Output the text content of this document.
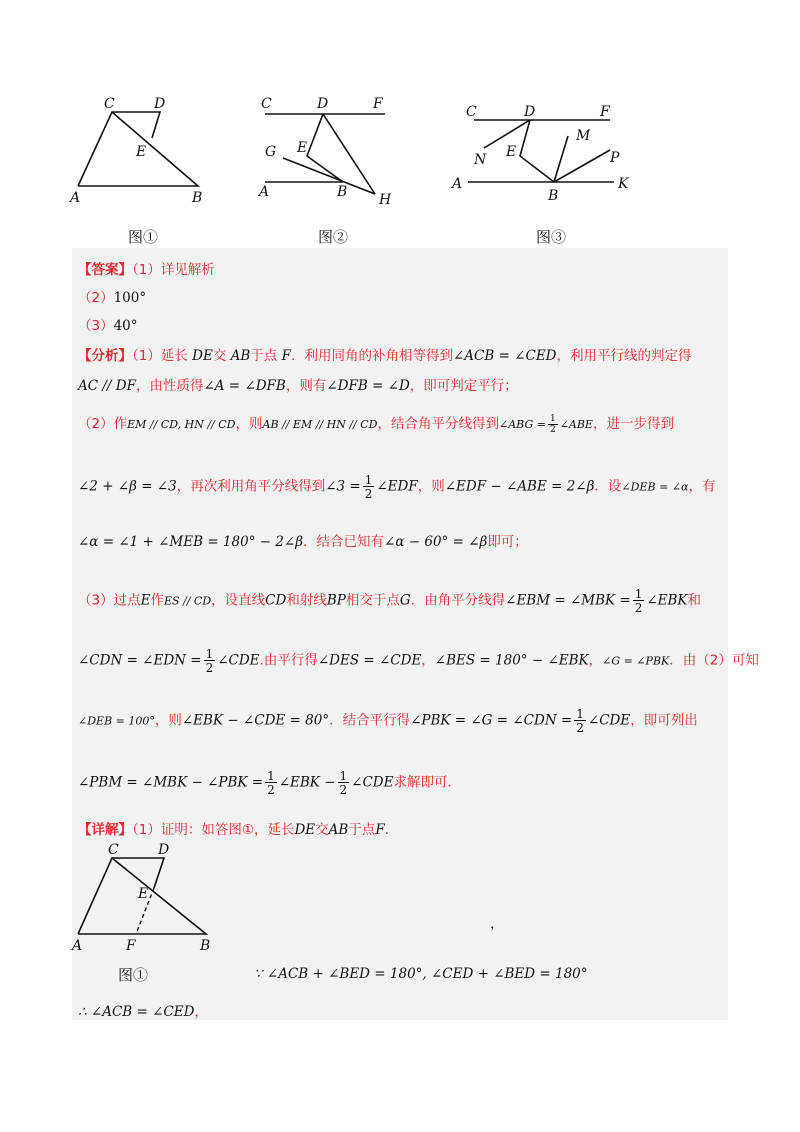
C	D
E
A	B
图①
C	D	F
G E
A	B H
图②
C	D	F
M
N E	P
A
B
K
图③
【答案】（1）详见解析
（2）100°
（3）40°
【分析】（1）延长 DE交 AB于点 F．利用同角的补角相等得到∠ACB = ∠CED，利用平行线的判定得
AC // DF，由性质得∠A = ∠DFB，则有∠DFB = ∠D，即可判定平行；
（2）作EM // CD, HN // CD，则AB // EM // HN // CD，结合角平分线得到∠ABG = $\frac{1}{2}$ ∠ABE，进一步得到
∠2 + ∠β = ∠3，再次利用角平分线得到∠3 = $\frac{1}{2}$ ∠EDF，则∠EDF − ∠ABE = 2∠β．设∠DEB = ∠α，有
∠α = ∠1 + ∠MEB = 180° − 2∠β．结合已知有∠α − 60° = ∠β即可；
（3）过点E作ES // CD，设直线CD和射线BP相交于点G．由角平分线得∠EBM = ∠MBK = $\frac{1}{2}$ ∠EBK和
∠CDN = ∠EDN = $\frac{1}{2}$ ∠CDE.由平行得∠DES = ∠CDE，∠BES = 180° − ∠EBK，∠G = ∠PBK．由（2）可知
∠DEB = 100°，则∠EBK − ∠CDE = 80°．结合平行得∠PBK = ∠G = ∠CDN = $\frac{1}{2}$ ∠CDE，即可列出
∠PBM = ∠MBK − ∠PBK = $\frac{1}{2}$ ∠EBK − $\frac{1}{2}$ ∠CDE求解即可．
【详解】（1）证明：如答图①，延长DE交AB于点F．
C	D
E
A	F	B
，
图①	∵ ∠ACB + ∠BED = 180°, ∠CED + ∠BED = 180°
∴ ∠ACB = ∠CED，
